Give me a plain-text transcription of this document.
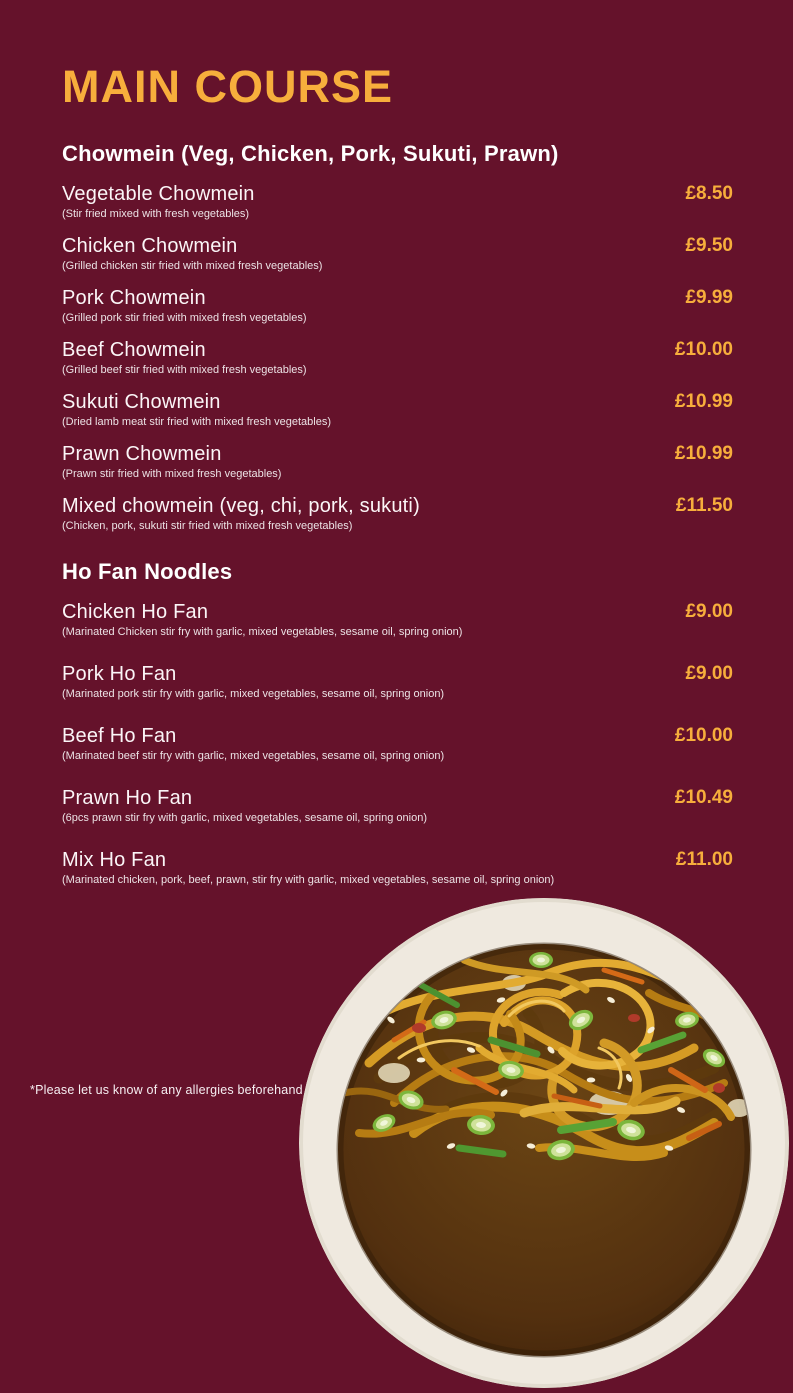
MAIN COURSE
Chowmein (Veg, Chicken, Pork, Sukuti, Prawn)
Vegetable Chowmein
(Stir fried mixed with fresh vegetables)
£8.50
Chicken Chowmein
(Grilled chicken stir fried with mixed fresh vegetables)
£9.50
Pork Chowmein
(Grilled pork stir fried with mixed fresh vegetables)
£9.99
Beef Chowmein
(Grilled beef stir fried with mixed fresh vegetables)
£10.00
Sukuti Chowmein
(Dried lamb meat stir fried with mixed fresh vegetables)
£10.99
Prawn Chowmein
(Prawn stir fried with mixed fresh vegetables)
£10.99
Mixed chowmein (veg, chi, pork, sukuti)
(Chicken, pork, sukuti stir fried with mixed fresh vegetables)
£11.50
Ho Fan Noodles
Chicken Ho Fan
(Marinated Chicken stir fry with garlic, mixed vegetables, sesame oil, spring onion)
£9.00
Pork Ho Fan
(Marinated pork stir fry with garlic, mixed vegetables, sesame oil, spring onion)
£9.00
Beef Ho Fan
(Marinated beef stir fry with garlic, mixed vegetables, sesame oil, spring onion)
£10.00
Prawn Ho Fan
(6pcs prawn stir fry with garlic, mixed vegetables, sesame oil, spring onion)
£10.49
Mix Ho Fan
(Marinated chicken, pork, beef, prawn, stir fry with garlic, mixed vegetables, sesame oil, spring onion)
£11.00
*Please let us know of any allergies beforehand
